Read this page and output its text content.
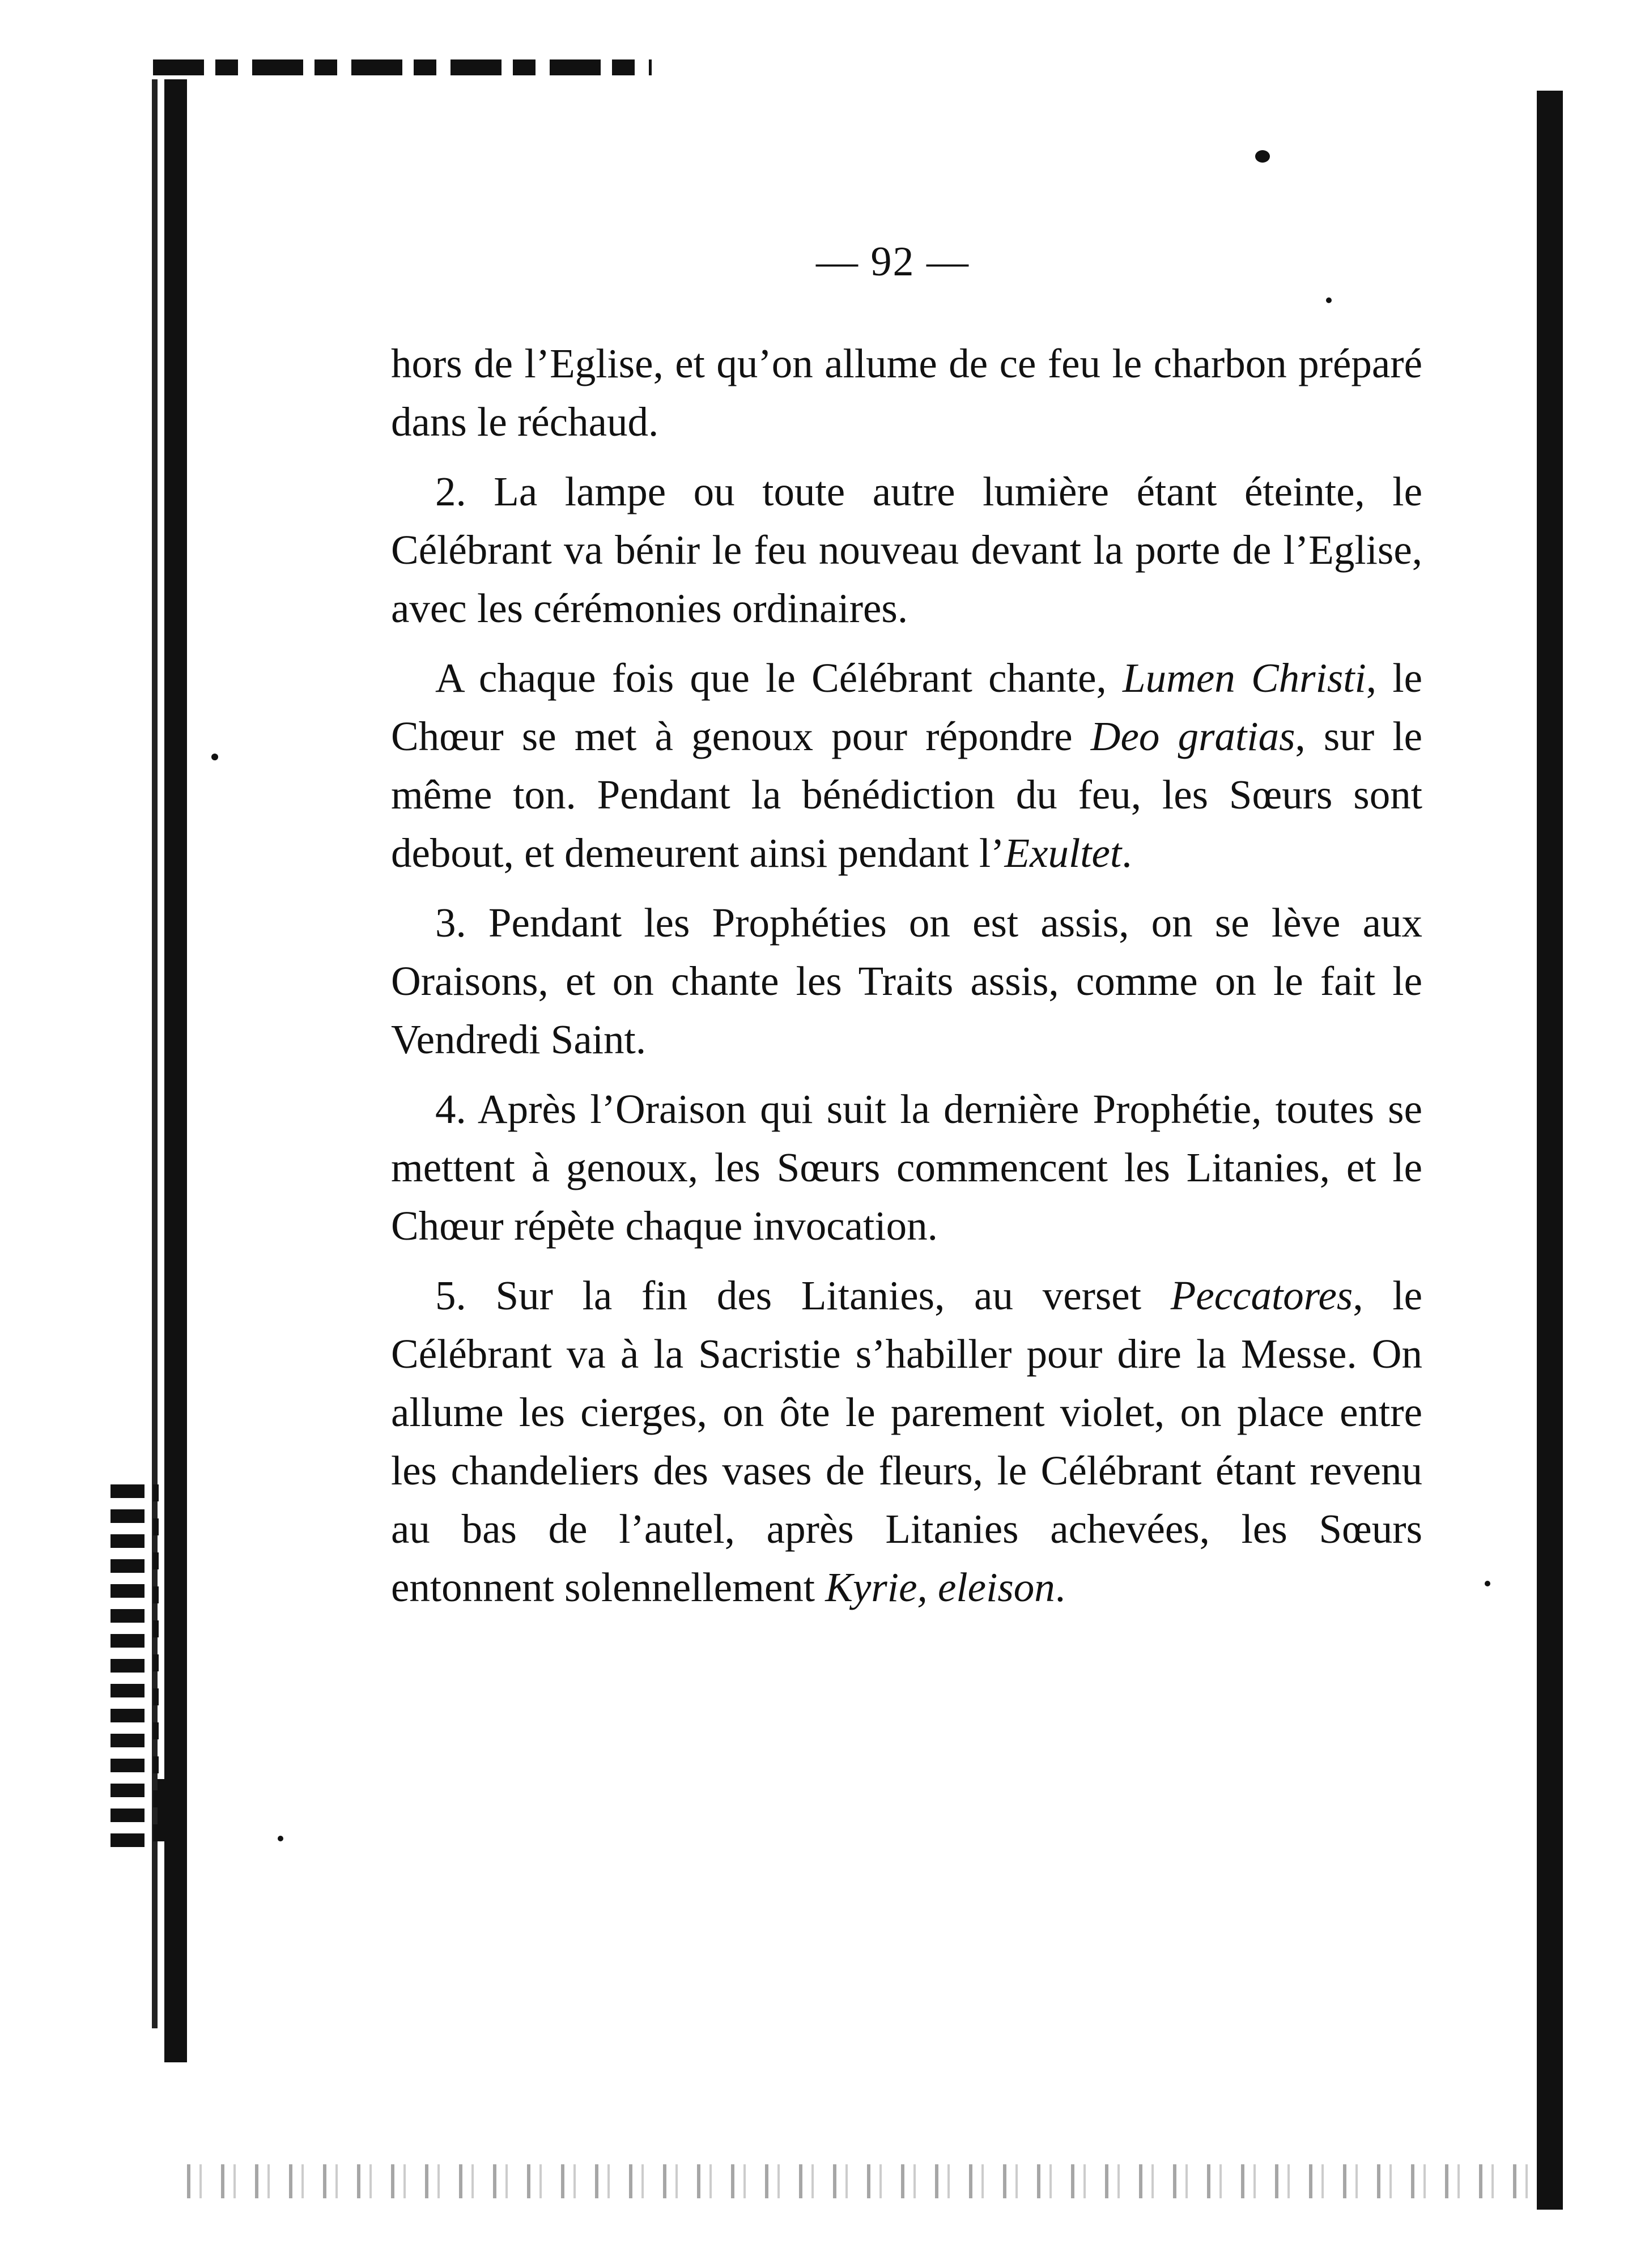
— 92 —

hors de l’Eglise, et qu’on allume de ce feu le charbon préparé dans le réchaud.

2. La lampe ou toute autre lumière étant éteinte, le Célébrant va bénir le feu nouveau devant la porte de l’Eglise, avec les cérémonies ordinaires.

A chaque fois que le Célébrant chante, Lumen Christi, le Chœur se met à genoux pour répondre Deo gratias, sur le même ton. Pendant la bénédiction du feu, les Sœurs sont debout, et demeurent ainsi pendant l’Exultet.

3. Pendant les Prophéties on est assis, on se lève aux Oraisons, et on chante les Traits assis, comme on le fait le Vendredi Saint.

4. Après l’Oraison qui suit la dernière Prophétie, toutes se mettent à genoux, les Sœurs commencent les Litanies, et le Chœur répète chaque invocation.

5. Sur la fin des Litanies, au verset Peccatores, le Célébrant va à la Sacristie s’habiller pour dire la Messe. On allume les cierges, on ôte le parement violet, on place entre les chandeliers des vases de fleurs, le Célébrant étant revenu au bas de l’autel, après Litanies achevées, les Sœurs entonnent solennellement Kyrie, eleison.
